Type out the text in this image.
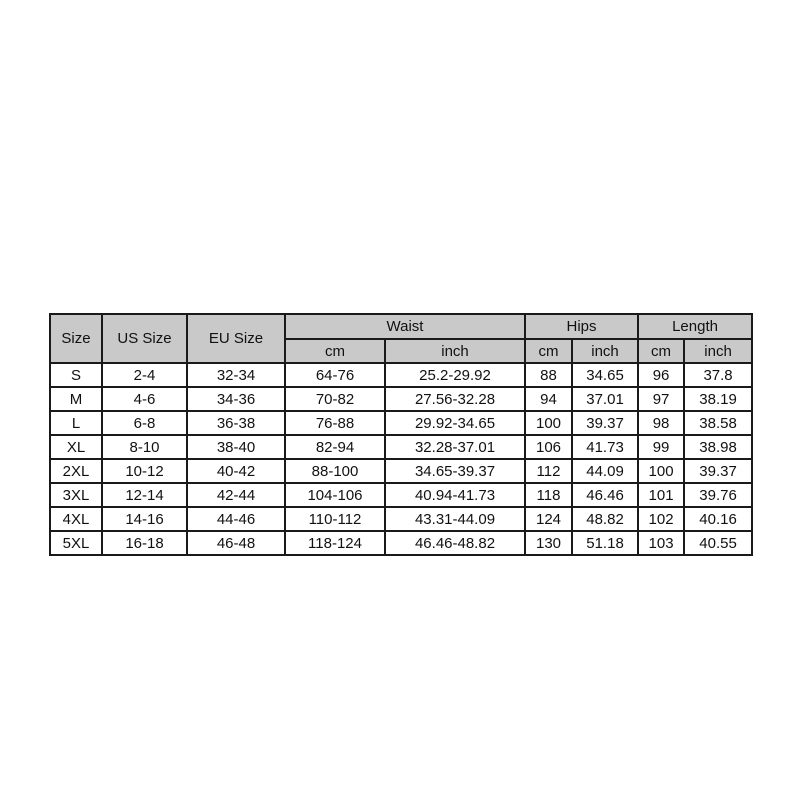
Size	US Size	EU Size	Waist		Hips		Length	
			cm	inch	cm	inch	cm	inch
S	2-4	32-34	64-76	25.2-29.92	88	34.65	96	37.8
M	4-6	34-36	70-82	27.56-32.28	94	37.01	97	38.19
L	6-8	36-38	76-88	29.92-34.65	100	39.37	98	38.58
XL	8-10	38-40	82-94	32.28-37.01	106	41.73	99	38.98
2XL	10-12	40-42	88-100	34.65-39.37	112	44.09	100	39.37
3XL	12-14	42-44	104-106	40.94-41.73	118	46.46	101	39.76
4XL	14-16	44-46	110-112	43.31-44.09	124	48.82	102	40.16
5XL	16-18	46-48	118-124	46.46-48.82	130	51.18	103	40.55
